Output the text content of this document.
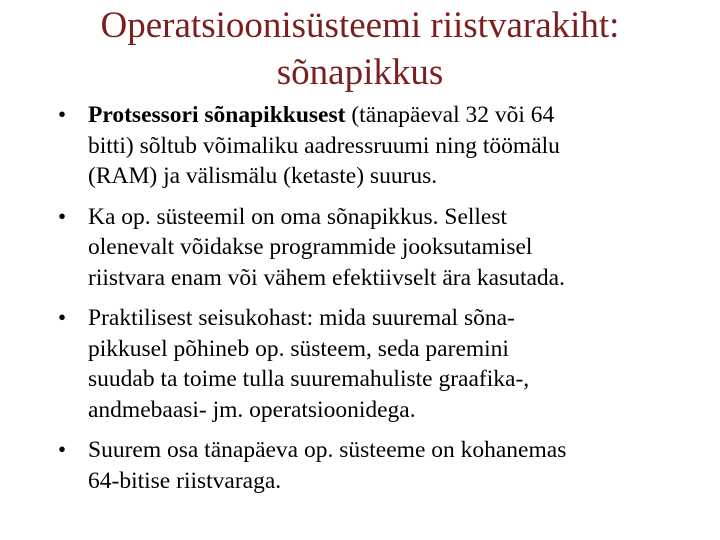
Operatsioonisüsteemi riistvarakiht:
sõnapikkus
• Protsessori sõnapikkusest (tänapäeval 32 või 64
bitti) sõltub võimaliku aadressruumi ning töömälu
(RAM) ja välismälu (ketaste) suurus.
• Ka op. süsteemil on oma sõnapikkus. Sellest
olenevalt võidakse programmide jooksutamisel
riistvara enam või vähem efektiivselt ära kasutada.
• Praktilisest seisukohast: mida suuremal sõna-
pikkusel põhineb op. süsteem, seda paremini
suudab ta toime tulla suuremahuliste graafika-,
andmebaasi- jm. operatsioonidega.
• Suurem osa tänapäeva op. süsteeme on kohanemas
64-bitise riistvaraga.
